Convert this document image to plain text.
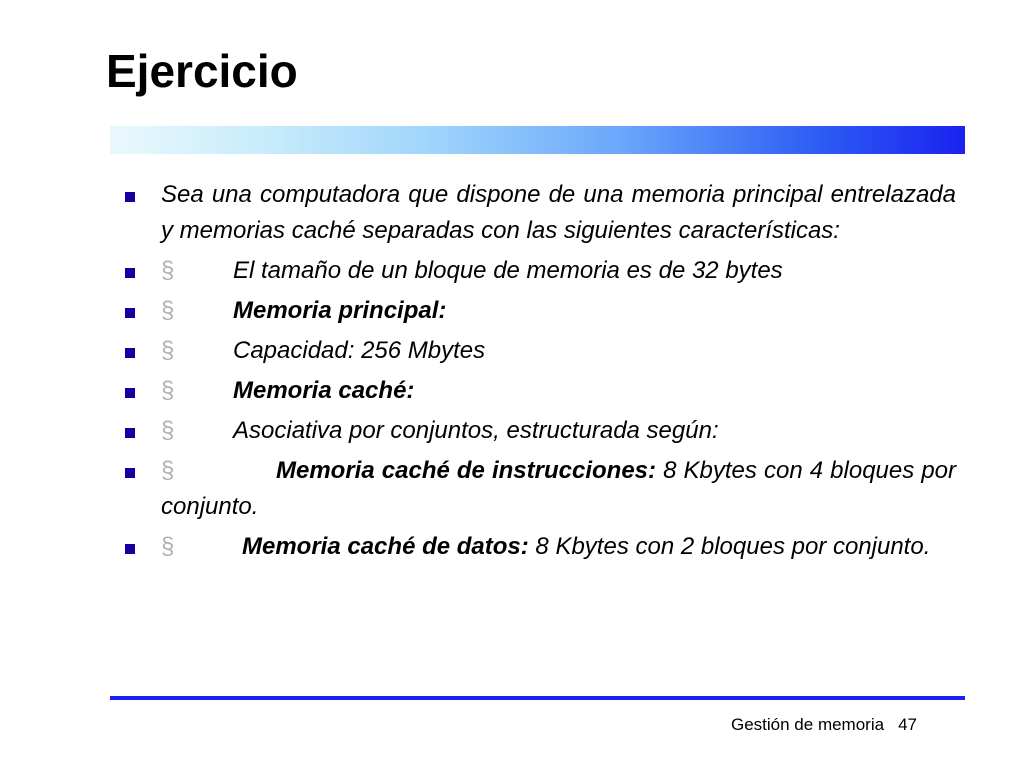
Ejercicio
Sea una computadora que dispone de una memoria principal entrelazada y memorias caché separadas con las siguientes características:
§ El tamaño de un bloque de memoria es de 32 bytes
§ Memoria principal:
§ Capacidad: 256 Mbytes
§ Memoria caché:
§ Asociativa por conjuntos, estructurada según:
§	Memoria caché de instrucciones: 8 Kbytes con 4 bloques por conjunto.
§	Memoria caché de datos: 8 Kbytes con 2 bloques por conjunto.
Gestión de memoria 47
